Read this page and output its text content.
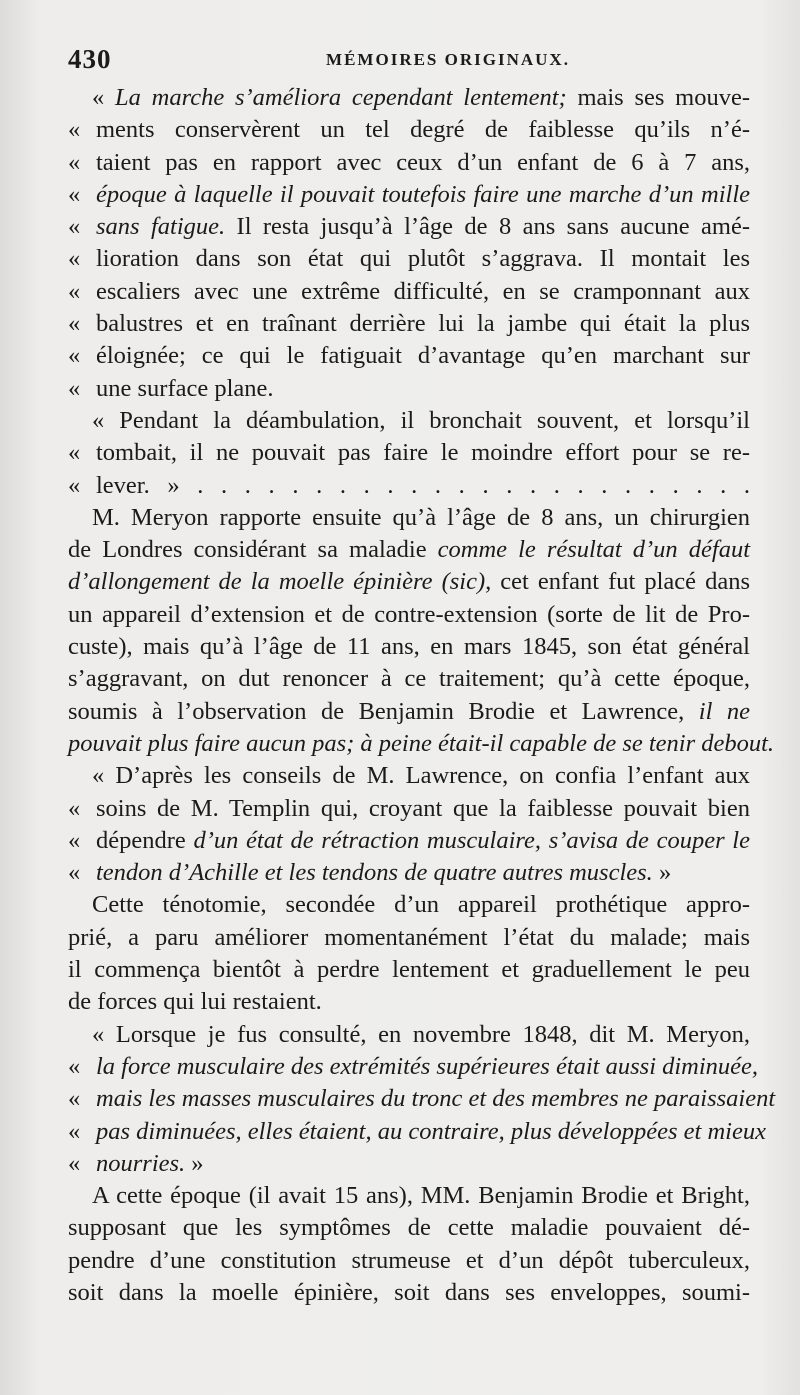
430	MÉMOIRES ORIGINAUX.
« La marche s’améliora cependant lentement; mais ses mouve-
« ments conservèrent un tel degré de faiblesse qu’ils n’é-
« taient pas en rapport avec ceux d’un enfant de 6 à 7 ans,
« époque à laquelle il pouvait toutefois faire une marche d’un mille
« sans fatigue. Il resta jusqu’à l’âge de 8 ans sans aucune amé-
« lioration dans son état qui plutôt s’aggrava. Il montait les
« escaliers avec une extrême difficulté, en se cramponnant aux
« balustres et en traînant derrière lui la jambe qui était la plus
« éloignée; ce qui le fatiguait d’avantage qu’en marchant sur
« une surface plane.
« Pendant la déambulation, il bronchait souvent, et lorsqu’il
« tombait, il ne pouvait pas faire le moindre effort pour se re-
« lever. » . . . . . . . . . . . . . . . . . . . . . . . .
M. Meryon rapporte ensuite qu’à l’âge de 8 ans, un chirurgien
de Londres considérant sa maladie comme le résultat d’un défaut
d’allongement de la moelle épinière (sic), cet enfant fut placé dans
un appareil d’extension et de contre-extension (sorte de lit de Pro-
custe), mais qu’à l’âge de 11 ans, en mars 1845, son état général
s’aggravant, on dut renoncer à ce traitement; qu’à cette époque,
soumis à l’observation de Benjamin Brodie et Lawrence, il ne
pouvait plus faire aucun pas; à peine était-il capable de se tenir debout.
« D’après les conseils de M. Lawrence, on confia l’enfant aux
« soins de M. Templin qui, croyant que la faiblesse pouvait bien
« dépendre d’un état de rétraction musculaire, s’avisa de couper le
« tendon d’Achille et les tendons de quatre autres muscles. »
Cette ténotomie, secondée d’un appareil prothétique appro-
prié, a paru améliorer momentanément l’état du malade; mais
il commença bientôt à perdre lentement et graduellement le peu
de forces qui lui restaient.
« Lorsque je fus consulté, en novembre 1848, dit M. Meryon,
« la force musculaire des extrémités supérieures était aussi diminuée,
« mais les masses musculaires du tronc et des membres ne paraissaient
« pas diminuées, elles étaient, au contraire, plus développées et mieux
« nourries. »
A cette époque (il avait 15 ans), MM. Benjamin Brodie et Bright,
supposant que les symptômes de cette maladie pouvaient dé-
pendre d’une constitution strumeuse et d’un dépôt tuberculeux,
soit dans la moelle épinière, soit dans ses enveloppes, soumi-
